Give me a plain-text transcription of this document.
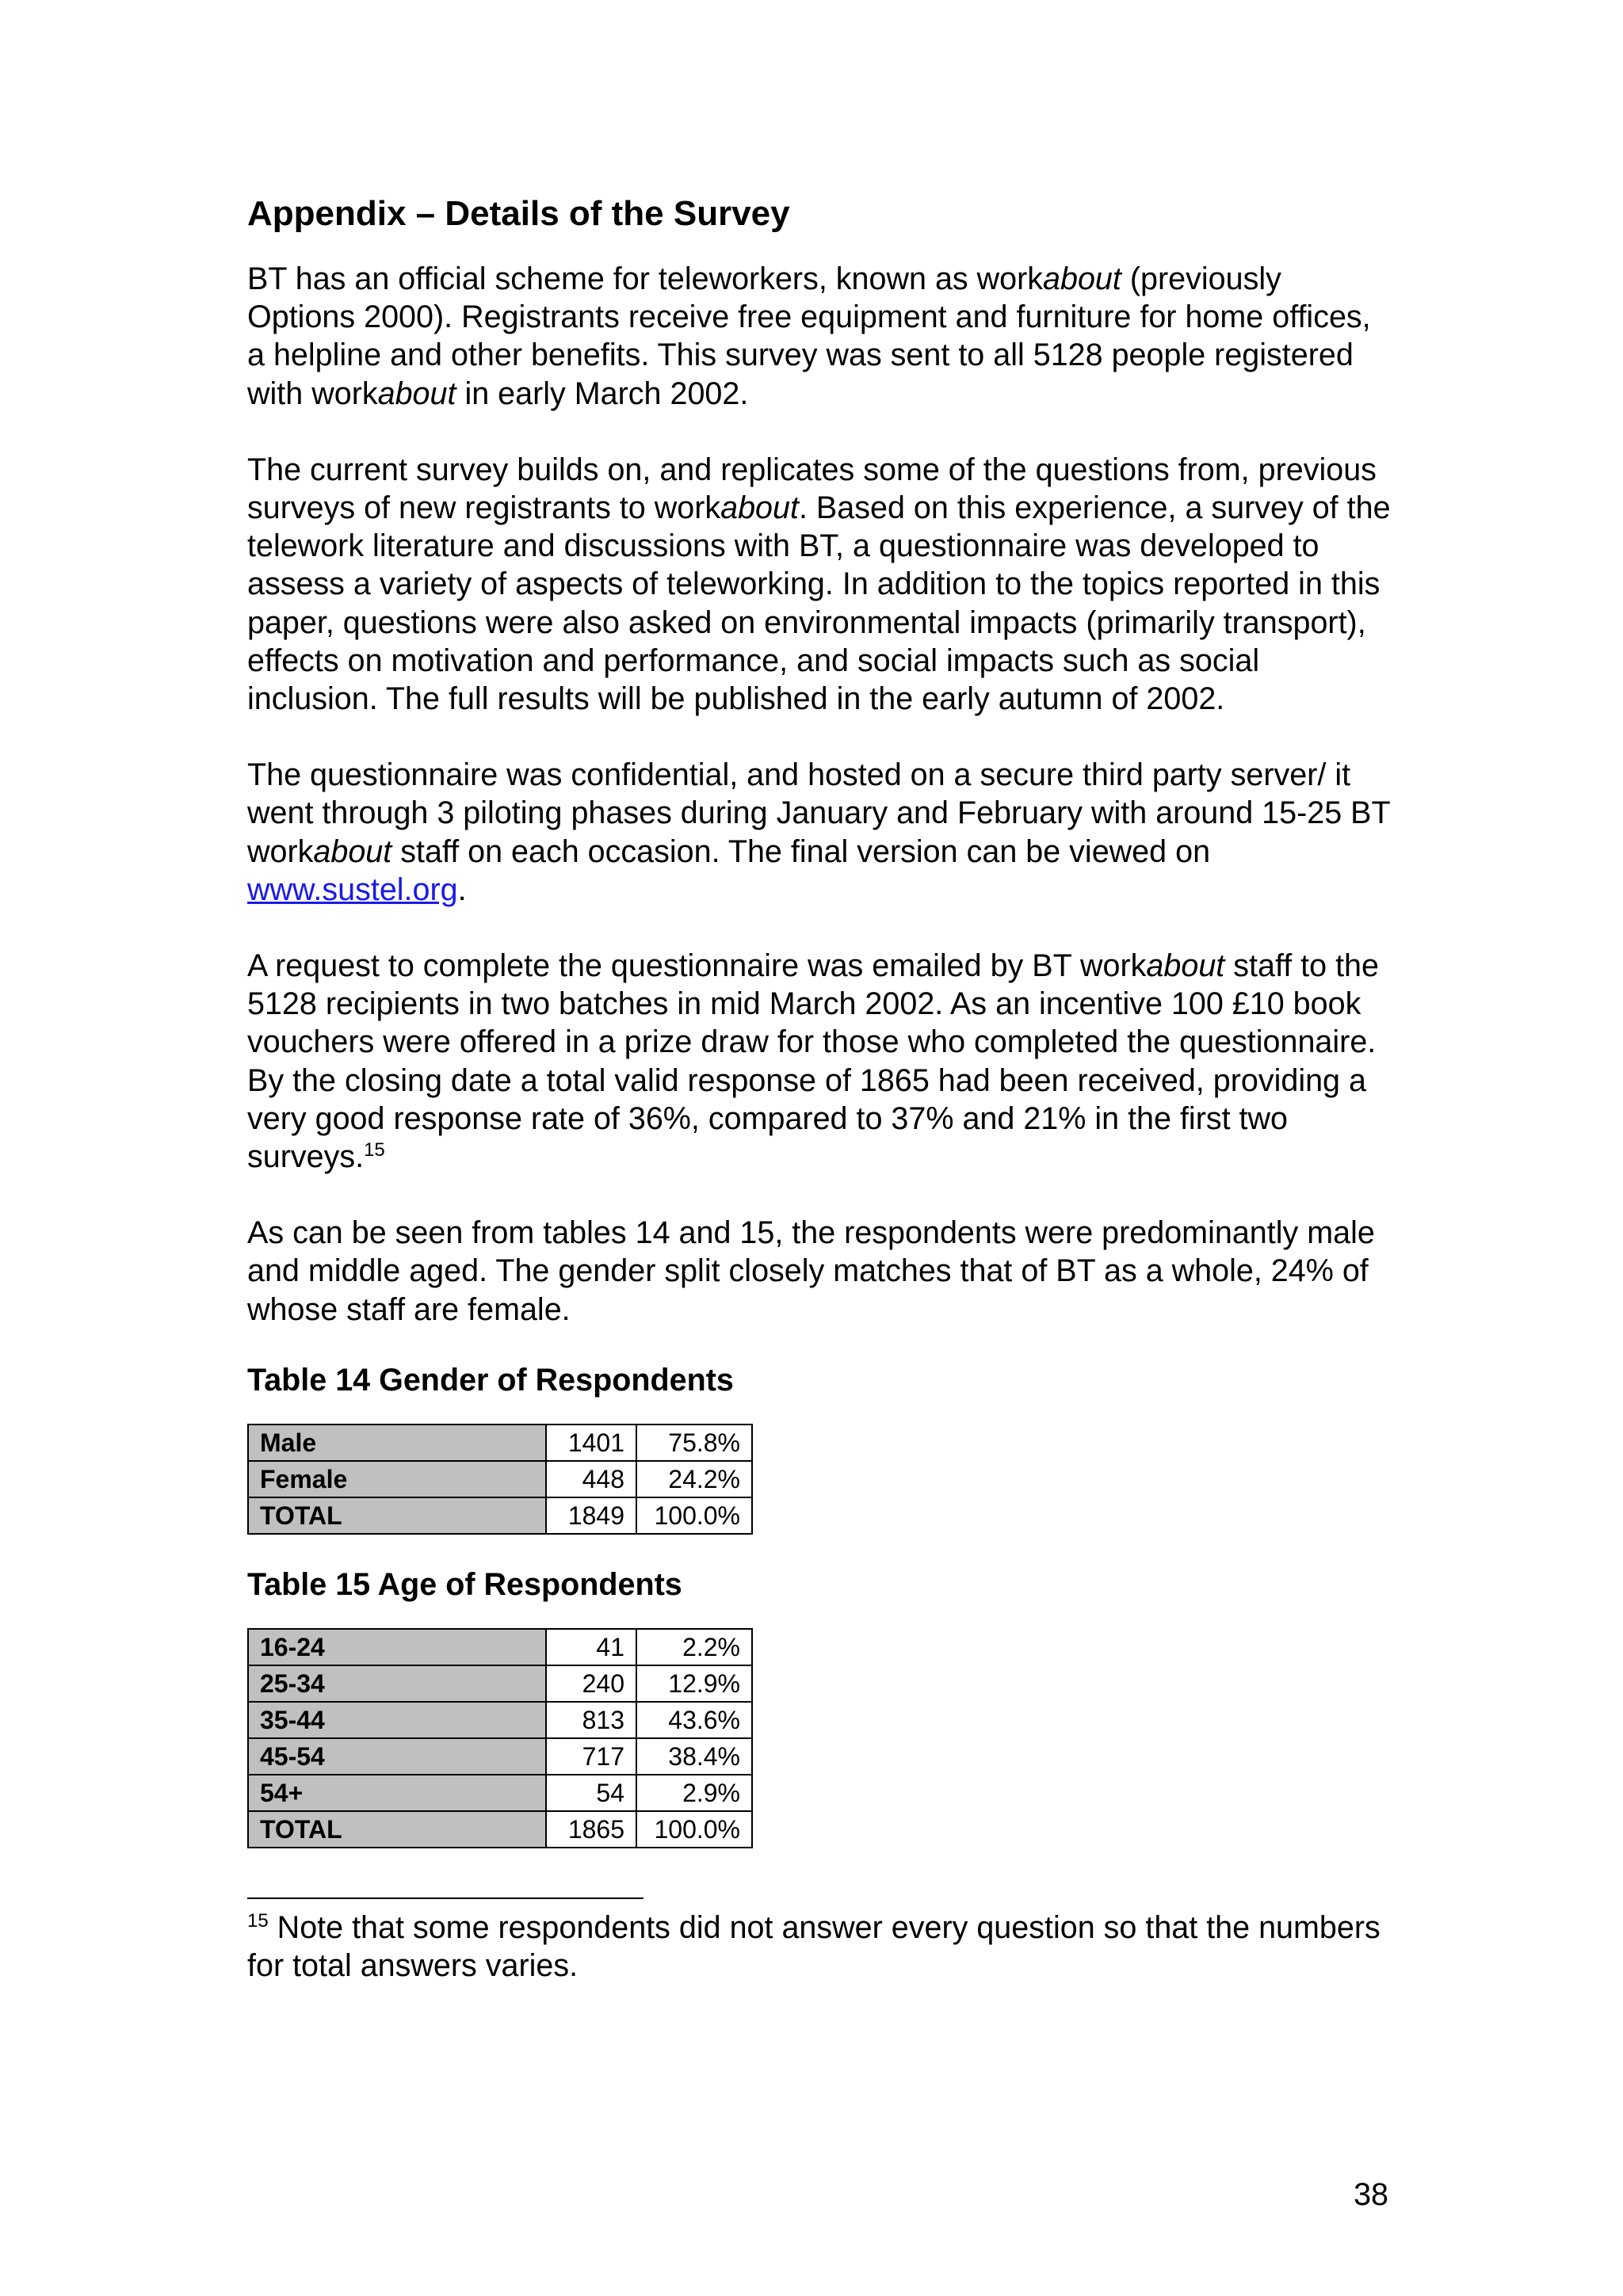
Appendix – Details of the Survey

BT has an official scheme for teleworkers, known as workabout (previously Options 2000). Registrants receive free equipment and furniture for home offices, a helpline and other benefits. This survey was sent to all 5128 people registered with workabout in early March 2002.

The current survey builds on, and replicates some of the questions from, previous surveys of new registrants to workabout. Based on this experience, a survey of the telework literature and discussions with BT, a questionnaire was developed to assess a variety of aspects of teleworking. In addition to the topics reported in this paper, questions were also asked on environmental impacts (primarily transport), effects on motivation and performance, and social impacts such as social inclusion. The full results will be published in the early autumn of 2002.

The questionnaire was confidential, and hosted on a secure third party server/ it went through 3 piloting phases during January and February with around 15-25 BT workabout staff on each occasion. The final version can be viewed on www.sustel.org.

A request to complete the questionnaire was emailed by BT workabout staff to the 5128 recipients in two batches in mid March 2002. As an incentive 100 £10 book vouchers were offered in a prize draw for those who completed the questionnaire. By the closing date a total valid response of 1865 had been received, providing a very good response rate of 36%, compared to 37% and 21% in the first two surveys.$^{15}$

As can be seen from tables 14 and 15, the respondents were predominantly male and middle aged. The gender split closely matches that of BT as a whole, 24% of whose staff are female.

Table 14 Gender of Respondents
Male	1401	75.8%
Female	448	24.2%
TOTAL	1849	100.0%
Table 15 Age of Respondents
16-24	41	2.2%
25-34	240	12.9%
35-44	813	43.6%
45-54	717	38.4%
54+	54	2.9%
TOTAL	1865	100.0%

$^{15}$ Note that some respondents did not answer every question so that the numbers for total answers varies.

38
